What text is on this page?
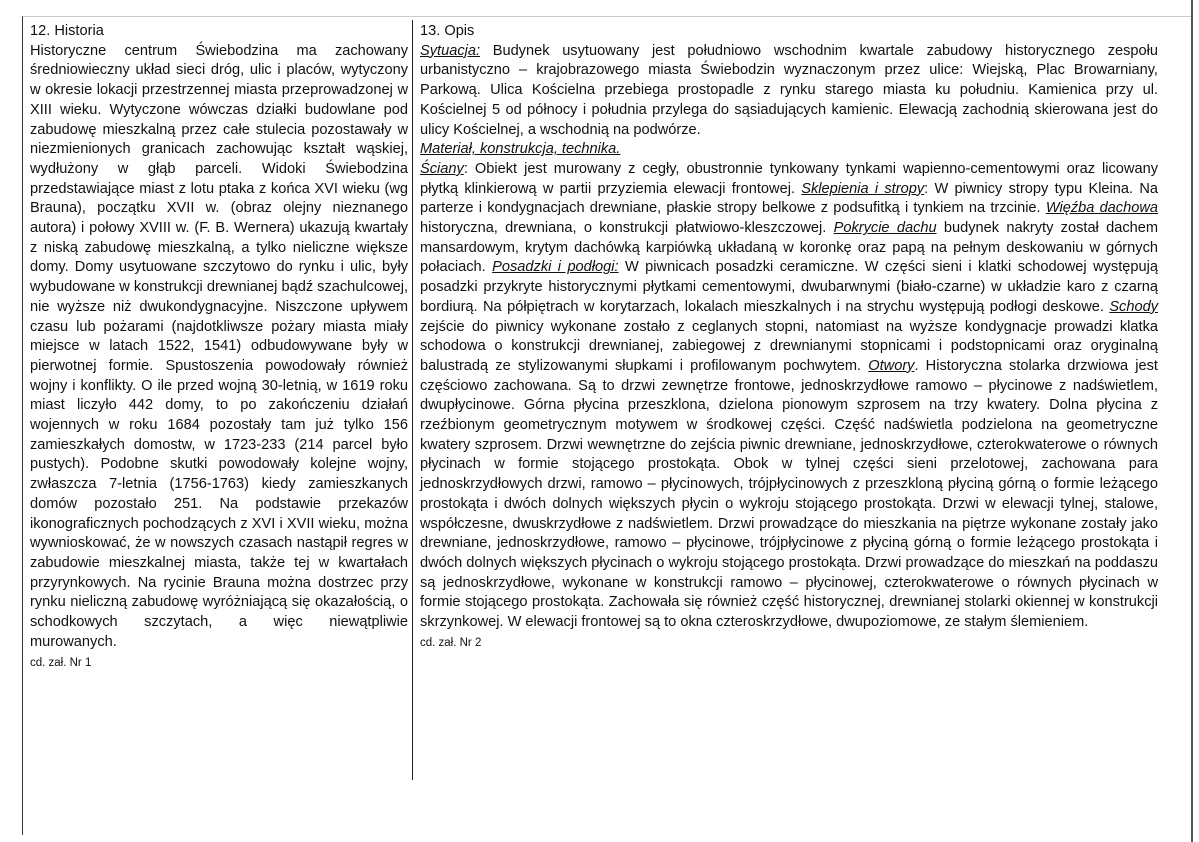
12. Historia

Historyczne centrum Świebodzina ma zachowany średniowieczny układ sieci dróg, ulic i placów, wytyczony w okresie lokacji przestrzennej miasta przeprowadzonej w XIII wieku. Wytyczone wówczas działki budowlane pod zabudowę mieszkalną przez całe stulecia pozostawały w niezmienionych granicach zachowując kształt wąskiej, wydłużony w głąb parceli. Widoki Świebodzina przedstawiające miast z lotu ptaka z końca XVI wieku (wg Brauna), początku XVII w. (obraz olejny nieznanego autora) i połowy XVIII w. (F. B. Wernera) ukazują kwartały z niską zabudowę mieszkalną, a tylko nieliczne większe domy. Domy usytuowane szczytowo do rynku i ulic, były wybudowane w konstrukcji drewnianej bądź szachulcowej, nie wyższe niż dwukondygnacyjne. Niszczone upływem czasu lub pożarami (najdotkliwsze pożary miasta miały miejsce w latach 1522, 1541) odbudowywane były w pierwotnej formie. Spustoszenia powodowały również wojny i konflikty. O ile przed wojną 30-letnią, w 1619 roku miast liczyło 442 domy, to po zakończeniu działań wojennych w roku 1684 pozostały tam już tylko 156 zamieszkałych domostw, w 1723-233 (214 parcel było pustych). Podobne skutki powodowały kolejne wojny, zwłaszcza 7-letnia (1756-1763) kiedy zamieszkanych domów pozostało 251. Na podstawie przekazów ikonograficznych pochodzących z XVI i XVII wieku, można wywnioskować, że w nowszych czasach nastąpił regres w zabudowie mieszkalnej miasta, także tej w kwartałach przyrynkowych. Na rycinie Brauna można dostrzec przy rynku nieliczną zabudowę wyróżniającą się okazałością, o schodkowych szczytach, a więc niewątpliwie murowanych.

cd. zał. Nr 1
13. Opis

Sytuacja: Budynek usytuowany jest południowo wschodnim kwartale zabudowy historycznego zespołu urbanistyczno – krajobrazowego miasta Świebodzin wyznaczonym przez ulice: Wiejską, Plac Browarniany, Parkową. Ulica Kościelna przebiega prostopadle z rynku starego miasta ku południu. Kamienica przy ul. Kościelnej 5 od północy i południa przylega do sąsiadujących kamienic. Elewacją zachodnią skierowana jest do ulicy Kościelnej, a wschodnią na podwórze.

Materiał, konstrukcja, technika.

Ściany: Obiekt jest murowany z cegły, obustronnie tynkowany tynkami wapienno-cementowymi oraz licowany płytką klinkierową w partii przyziemia elewacji frontowej. Sklepienia i stropy: W piwnicy stropy typu Kleina. Na parterze i kondygnacjach drewniane, płaskie stropy belkowe z podsufitką i tynkiem na trzcinie. Więźba dachowa historyczna, drewniana, o konstrukcji płatwiowo-kleszczowej. Pokrycie dachu budynek nakryty został dachem mansardowym, krytym dachówką karpiówką układaną w koronkę oraz papą na pełnym deskowaniu w górnych połaciach. Posadzki i podłogi: W piwnicach posadzki ceramiczne. W części sieni i klatki schodowej występują posadzki przykryte historycznymi płytkami cementowymi, dwubarwnymi (biało-czarne) w układzie karo z czarną bordiurą. Na półpiętrach w korytarzach, lokalach mieszkalnych i na strychu występują podłogi deskowe. Schody zejście do piwnicy wykonane zostało z ceglanych stopni, natomiast na wyższe kondygnacje prowadzi klatka schodowa o konstrukcji drewnianej, zabiegowej z drewnianymi stopnicami i podstopnicami oraz oryginalną balustradą ze stylizowanymi słupkami i profilowanym pochwytem. Otwory. Historyczna stolarka drzwiowa jest częściowo zachowana. Są to drzwi zewnętrze frontowe, jednoskrzydłowe ramowo – płycinowe z nadświetlem, dwupłycinowe. Górna płycina przeszklona, dzielona pionowym szprosem na trzy kwatery. Dolna płycina z rzeźbionym geometrycznym motywem w środkowej części. Część nadświetla podzielona na geometryczne kwatery szprosem. Drzwi wewnętrzne do zejścia piwnic drewniane, jednoskrzydłowe, czterokwaterowe o równych płycinach w formie stojącego prostokąta. Obok w tylnej części sieni przelotowej, zachowana para jednoskrzydłowych drzwi, ramowo – płycinowych, trójpłycinowych z przeszkloną płyciną górną o formie leżącego prostokąta i dwóch dolnych większych płycin o wykroju stojącego prostokąta. Drzwi w elewacji tylnej, stalowe, współczesne, dwuskrzydłowe z nadświetlem. Drzwi prowadzące do mieszkania na piętrze wykonane zostały jako drewniane, jednoskrzydłowe, ramowo – płycinowe, trójpłycinowe z płyciną górną o formie leżącego prostokąta i dwóch dolnych większych płycinach o wykroju stojącego prostokąta. Drzwi prowadzące do mieszkań na poddaszu są jednoskrzydłowe, wykonane w konstrukcji ramowo – płycinowej, czterokwaterowe o równych płycinach w formie stojącego prostokąta. Zachowała się również część historycznej, drewnianej stolarki okiennej w konstrukcji skrzynkowej. W elewacji frontowej są to okna czteroskrzydłowe, dwupoziomowe, ze stałym ślemieniem.

cd. zał. Nr 2
